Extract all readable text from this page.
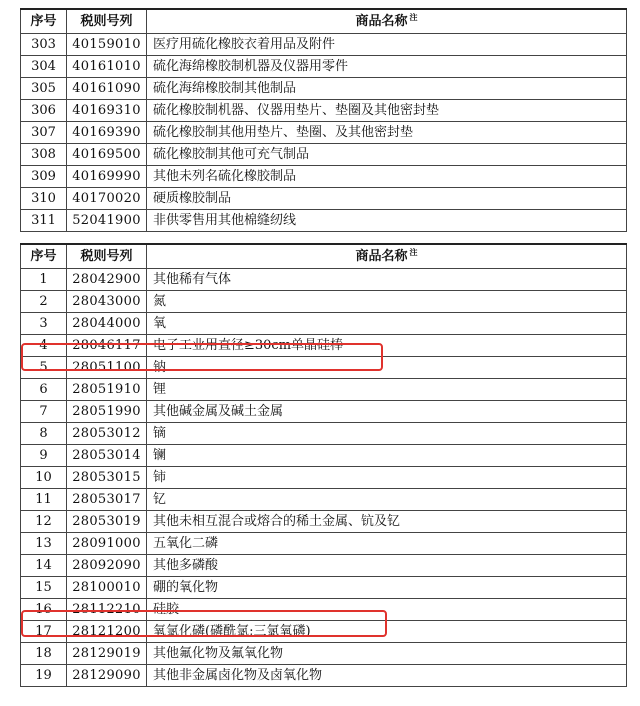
序号	税则号列	商品名称 $^注$
303	40159010	医疗用硫化橡胶衣着用品及附件
304	40161010	硫化海绵橡胶制机器及仪器用零件
305	40161090	硫化海绵橡胶制其他制品
306	40169310	硫化橡胶制机器、仪器用垫片、垫圈及其他密封垫
307	40169390	硫化橡胶制其他用垫片、垫圈、及其他密封垫
308	40169500	硫化橡胶制其他可充气制品
309	40169990	其他未列名硫化橡胶制品
310	40170020	硬质橡胶制品
311	52041900	非供零售用其他棉缝纫线
序号	税则号列	商品名称 $^注$
1	28042900	其他稀有气体
2	28043000	氮
3	28044000	氧
4	28046117	电子工业用直径≥30cm单晶硅棒
5	28051100	钠
6	28051910	锂
7	28051990	其他碱金属及碱土金属
8	28053012	镝
9	28053014	镧
10	28053015	铈
11	28053017	钇
12	28053019	其他未相互混合或熔合的稀土金属、钪及钇
13	28091000	五氧化二磷
14	28092090	其他多磷酸
15	28100010	硼的氧化物
16	28112210	硅胶
17	28121200	氧氯化磷(磷酰氯;三氯氧磷)
18	28129019	其他氟化物及氟氧化物
19	28129090	其他非金属卤化物及卤氧化物
